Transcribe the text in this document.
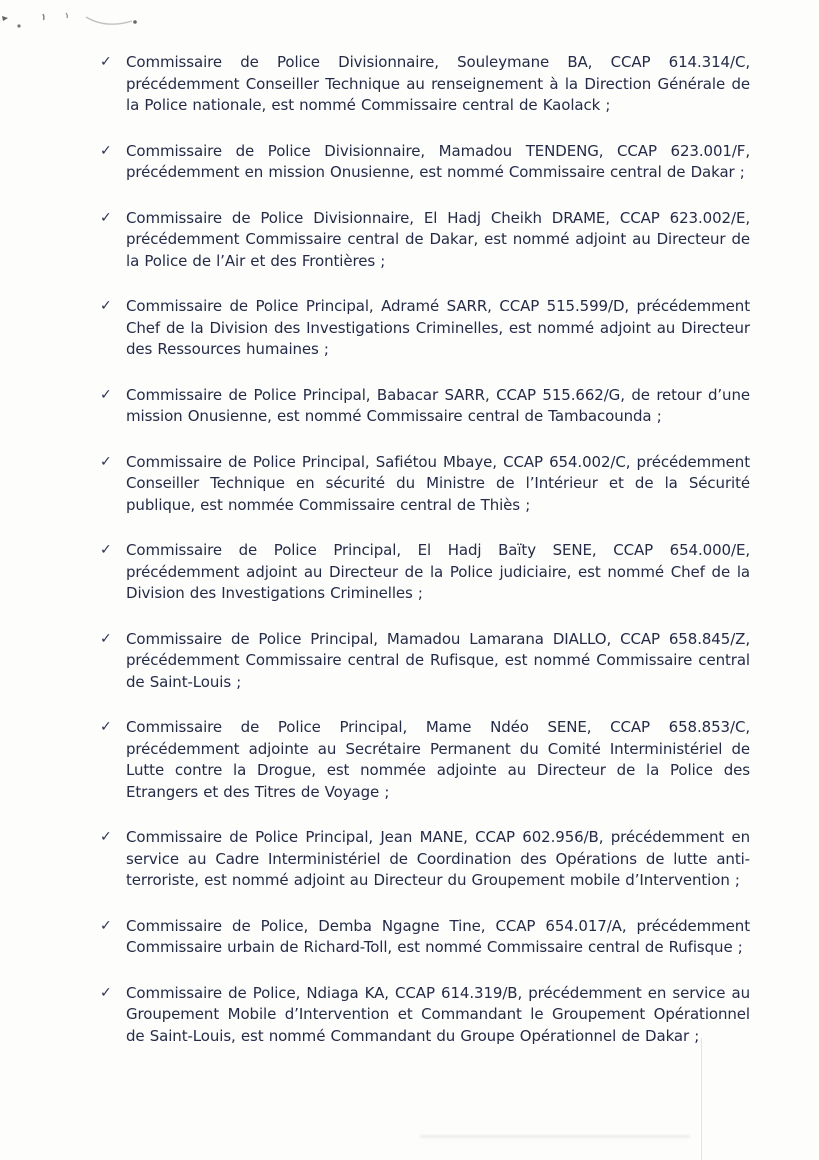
✓ Commissaire de Police Divisionnaire, Souleymane BA, CCAP 614.314/C, précédemment Conseiller Technique au renseignement à la Direction Générale de la Police nationale, est nommé Commissaire central de Kaolack ;

✓ Commissaire de Police Divisionnaire, Mamadou TENDENG, CCAP 623.001/F, précédemment en mission Onusienne, est nommé Commissaire central de Dakar ;

✓ Commissaire de Police Divisionnaire, El Hadj Cheikh DRAME, CCAP 623.002/E, précédemment Commissaire central de Dakar, est nommé adjoint au Directeur de la Police de l’Air et des Frontières ;

✓ Commissaire de Police Principal, Adramé SARR, CCAP 515.599/D, précédemment Chef de la Division des Investigations Criminelles, est nommé adjoint au Directeur des Ressources humaines ;

✓ Commissaire de Police Principal, Babacar SARR, CCAP 515.662/G, de retour d’une mission Onusienne, est nommé Commissaire central de Tambacounda ;

✓ Commissaire de Police Principal, Safiétou Mbaye, CCAP 654.002/C, précédemment Conseiller Technique en sécurité du Ministre de l’Intérieur et de la Sécurité publique, est nommée Commissaire central de Thiès ;

✓ Commissaire de Police Principal, El Hadj Baïty SENE, CCAP 654.000/E, précédemment adjoint au Directeur de la Police judiciaire, est nommé Chef de la Division des Investigations Criminelles ;

✓ Commissaire de Police Principal, Mamadou Lamarana DIALLO, CCAP 658.845/Z, précédemment Commissaire central de Rufisque, est nommé Commissaire central de Saint-Louis ;

✓ Commissaire de Police Principal, Mame Ndéo SENE, CCAP 658.853/C, précédemment adjointe au Secrétaire Permanent du Comité Interministériel de Lutte contre la Drogue, est nommée adjointe au Directeur de la Police des Etrangers et des Titres de Voyage ;

✓ Commissaire de Police Principal, Jean MANE, CCAP 602.956/B, précédemment en service au Cadre Interministériel de Coordination des Opérations de lutte anti-terroriste, est nommé adjoint au Directeur du Groupement mobile d’Intervention ;

✓ Commissaire de Police, Demba Ngagne Tine, CCAP 654.017/A, précédemment Commissaire urbain de Richard-Toll, est nommé Commissaire central de Rufisque ;

✓ Commissaire de Police, Ndiaga KA, CCAP 614.319/B, précédemment en service au Groupement Mobile d’Intervention et Commandant le Groupement Opérationnel de Saint-Louis, est nommé Commandant du Groupe Opérationnel de Dakar ;
